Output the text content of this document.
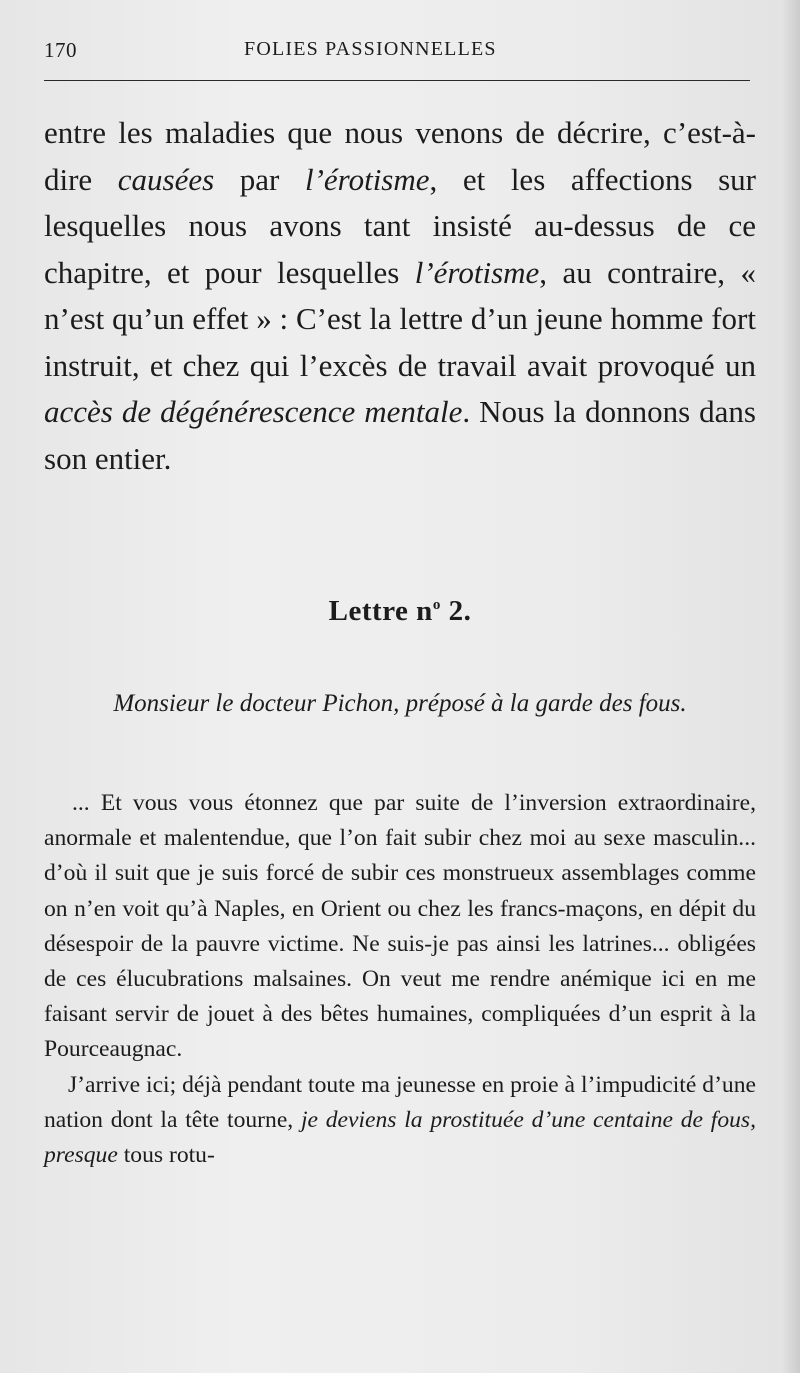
170	FOLIES PASSIONNELLES

entre les maladies que nous venons de décrire, c’est-à-dire causées par l’érotisme, et les affections sur lesquelles nous avons tant insisté au-dessus de ce chapitre, et pour lesquelles l’érotisme, au contraire, « n’est qu’un effet » : C’est la lettre d’un jeune homme fort instruit, et chez qui l’excès de travail avait provoqué un accès de dégénérescence mentale. Nous la donnons dans son entier.

Lettre $n^o$ 2.

Monsieur le docteur Pichon, préposé à la garde des fous.

... Et vous vous étonnez que par suite de l’inversion extraordinaire, anormale et malentendue, que l’on fait subir chez moi au sexe masculin... d’où il suit que je suis forcé de subir ces monstrueux assemblages comme on n’en voit qu’à Naples, en Orient ou chez les francs-maçons, en dépit du désespoir de la pauvre victime. Ne suis-je pas ainsi les latrines... obligées de ces élucubrations malsaines. On veut me rendre anémique ici en me faisant servir de jouet à des bêtes humaines, compliquées d’un esprit à la Pourceaugnac.

J’arrive ici; déjà pendant toute ma jeunesse en proie à l’impudicité d’une nation dont la tête tourne, je deviens la prostituée d’une centaine de fous, presque tous rotu-
